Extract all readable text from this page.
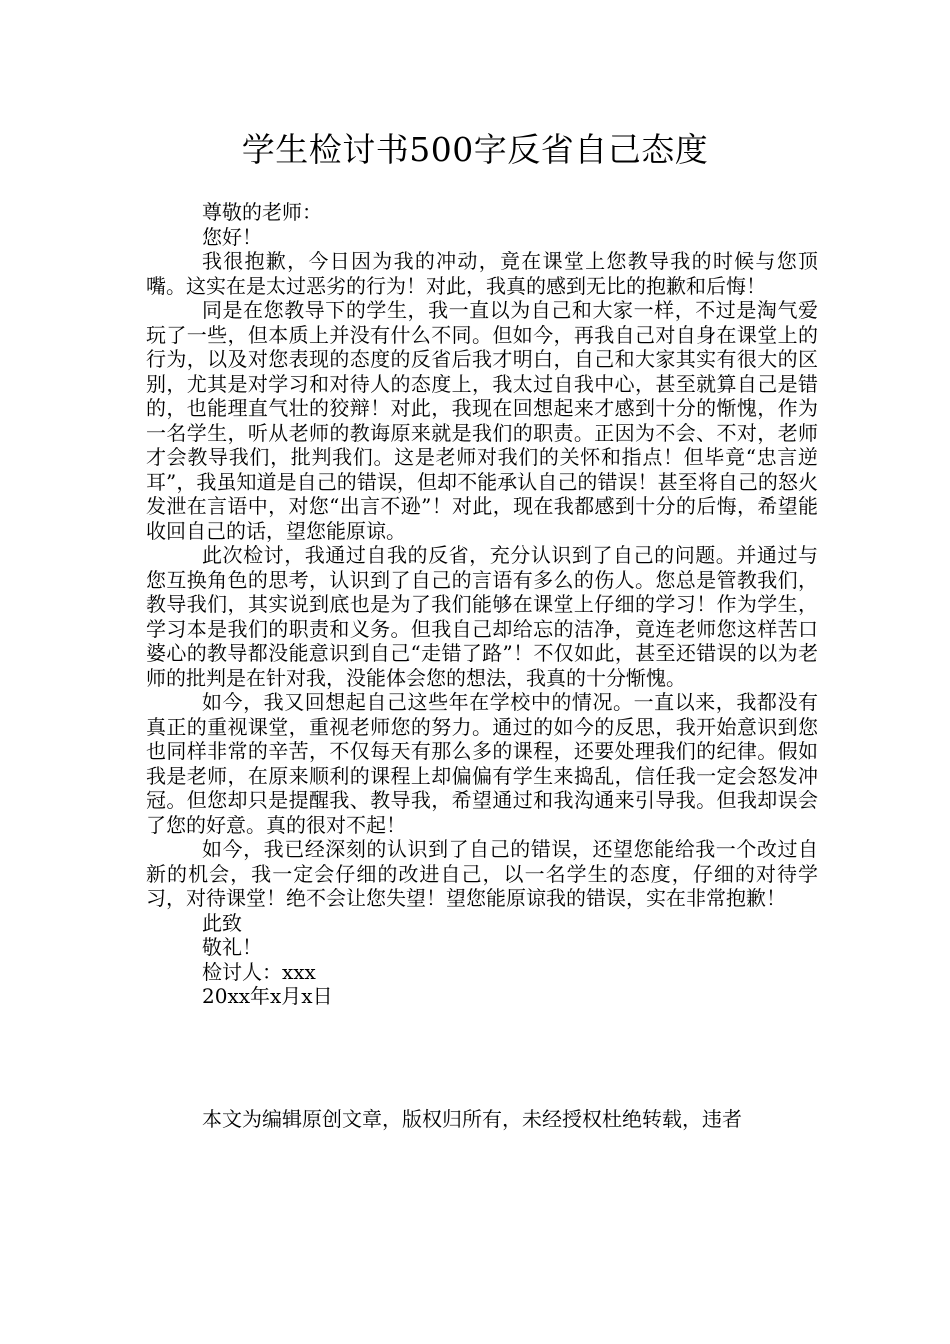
学生检讨书500字反省自己态度

尊敬的老师：

您好！

我很抱歉，今日因为我的冲动，竟在课堂上您教导我的时候与您顶嘴。这实在是太过恶劣的行为！对此，我真的感到无比的抱歉和后悔！

同是在您教导下的学生，我一直以为自己和大家一样，不过是淘气爱玩了一些，但本质上并没有什么不同。但如今，再我自己对自身在课堂上的行为，以及对您表现的态度的反省后我才明白，自己和大家其实有很大的区别，尤其是对学习和对待人的态度上，我太过自我中心，甚至就算自己是错的，也能理直气壮的狡辩！对此，我现在回想起来才感到十分的惭愧，作为一名学生，听从老师的教诲原来就是我们的职责。正因为不会、不对，老师才会教导我们，批判我们。这是老师对我们的关怀和指点！但毕竟“忠言逆耳”，我虽知道是自己的错误，但却不能承认自己的错误！甚至将自己的怒火发泄在言语中，对您“出言不逊”！对此，现在我都感到十分的后悔，希望能收回自己的话，望您能原谅。

此次检讨，我通过自我的反省，充分认识到了自己的问题。并通过与您互换角色的思考，认识到了自己的言语有多么的伤人。您总是管教我们，教导我们，其实说到底也是为了我们能够在课堂上仔细的学习！作为学生，学习本是我们的职责和义务。但我自己却给忘的洁净，竟连老师您这样苦口婆心的教导都没能意识到自己“走错了路”！不仅如此，甚至还错误的以为老师的批判是在针对我，没能体会您的想法，我真的十分惭愧。

如今，我又回想起自己这些年在学校中的情况。一直以来，我都没有真正的重视课堂，重视老师您的努力。通过的如今的反思，我开始意识到您也同样非常的辛苦，不仅每天有那么多的课程，还要处理我们的纪律。假如我是老师，在原来顺利的课程上却偏偏有学生来捣乱，信任我一定会怒发冲冠。但您却只是提醒我、教导我，希望通过和我沟通来引导我。但我却误会了您的好意。真的很对不起！

如今，我已经深刻的认识到了自己的错误，还望您能给我一个改过自新的机会，我一定会仔细的改进自己，以一名学生的态度，仔细的对待学习，对待课堂！绝不会让您失望！望您能原谅我的错误，实在非常抱歉！

此致

敬礼！

检讨人：xxx

20xx年x月x日

本文为编辑原创文章，版权归所有，未经授权杜绝转载，违者
